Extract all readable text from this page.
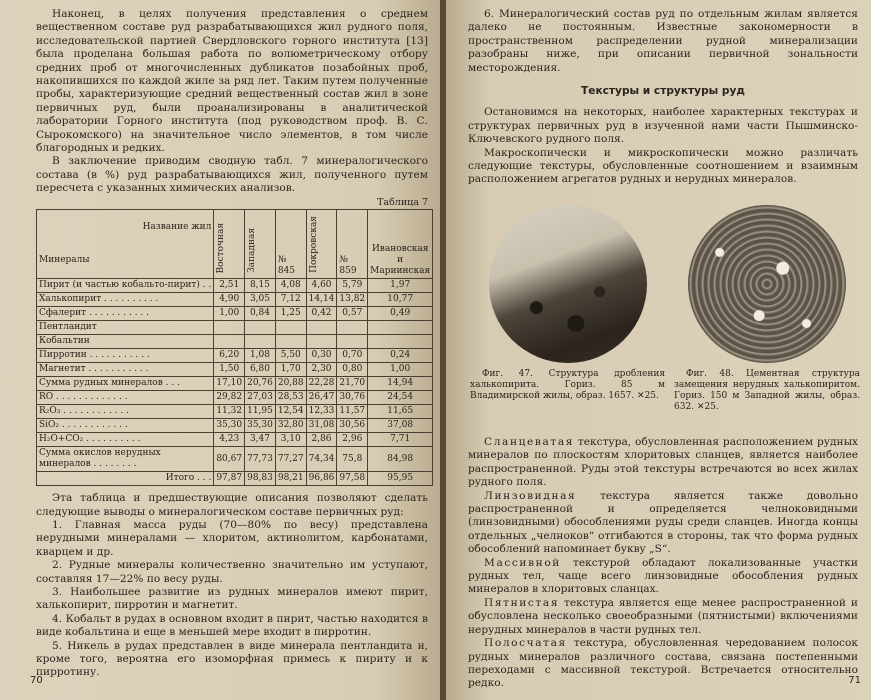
Наконец, в целях получения представления о среднем вещественном составе руд разрабатывающихся жил рудного поля, исследовательской партией Свердловского горного института [13] была проделана большая работа по волюметрическому отбору средних проб от многочисленных дубликатов позабойных проб, накопившихся по каждой жиле за ряд лет. Таким путем полученные пробы, характеризующие средний вещественный состав жил в зоне первичных руд, были проанализированы в аналитической лаборатории Горного института (под руководством проф. В. С. Сырокомского) на значительное число элементов, в том числе благородных и редких.

В заключение приводим сводную табл. 7 минералогического состава (в %) руд разрабатывающихся жил, полученного путем пересчета с указанных химических анализов.

Таблица 7

Название жил
Минералы	Восточная	Западная	№ 845	Покровская	№ 859	Ивановская и Мариинская
Пирит (и частью кобальто-пирит) . .	2,51	8,15	4,08	4,60	5,79	1,97
Халькопирит . . . . . . . . . .	4,90	3,05	7,12	14,14	13,82	10,77
Сфалерит . . . . . . . . . . .	1,00	0,84	1,25	0,42	0,57	0,49
Пентландит						
Кобальтин						
Пирротин . . . . . . . . . . .	6,20	1,08	5,50	0,30	0,70	0,24
Магнетит . . . . . . . . . . .	1,50	6,80	1,70	2,30	0,80	1,00
Сумма рудных минералов . . .	17,10	20,76	20,88	22,28	21,70	14,94
RO . . . . . . . . . . . . .	29,82	27,03	28,53	26,47	30,76	24,54
R₂O₃ . . . . . . . . . . . .	11,32	11,95	12,54	12,33	11,57	11,65
SiO₂ . . . . . . . . . . . .	35,30	35,30	32,80	31,08	30,56	37,08
H₂O+CO₂ . . . . . . . . . .	4,23	3,47	3,10	2,86	2,96	7,71
Сумма окислов нерудных минералов . . . . . . . .	80,67	77,73	77,27	74,34	75,8	84,98
Итого . . .	97,87	98,83	98,21	96,86	97,58	95,95

Эта таблица и предшествующие описания позволяют сделать следующие выводы о минералогическом составе первичных руд:

1. Главная масса руды (70—80% по весу) представлена нерудными минералами — хлоритом, актинолитом, карбонатами, кварцем и др.

2. Рудные минералы количественно значительно им уступают, составляя 17—22% по весу руды.

3. Наибольшее развитие из рудных минералов имеют пирит, халькопирит, пирротин и магнетит.

4. Кобальт в рудах в основном входит в пирит, частью находится в виде кобальтина и еще в меньшей мере входит в пирротин.

5. Никель в рудах представлен в виде минерала пентландита и, кроме того, вероятна его изоморфная примесь к пириту и к пирротину.

70

6. Минералогический состав руд по отдельным жилам является далеко не постоянным. Известные закономерности в пространственном распределении рудной минерализации разобраны ниже, при описании первичной зональности месторождения.

Текстуры и структуры руд

Остановимся на некоторых, наиболее характерных текстурах и структурах первичных руд в изученной нами части Пышминско-Ключевского рудного поля.

Макроскопически и микроскопически можно различать следующие текстуры, обусловленные соотношением и взаимным расположением агрегатов рудных и нерудных минералов.

Фиг. 47. Структура дробления халькопирита. Гориз. 85 м Владимирской жилы, образ. 1657. ✕25.

Фиг. 48. Цементная структура замещения нерудных халькопиритом. Гориз. 150 м Западной жилы, образ. 632. ✕25.

Сланцеватая текстура, обусловленная расположением рудных минералов по плоскостям хлоритовых сланцев, является наиболее распространенной. Руды этой текстуры встречаются во всех жилах рудного поля.

Линзовидная текстура является также довольно распространенной и определяется челноковидными (линзовидными) обособлениями руды среди сланцев. Иногда концы отдельных „челноков“ отгибаются в стороны, так что форма рудных обособлений напоминает букву „S“.

Массивной текстурой обладают локализованные участки рудных тел, чаще всего линзовидные обособления рудных минералов в хлоритовых сланцах.

Пятнистая текстура является еще менее распространенной и обусловлена несколько своеобразными (пятнистыми) включениями нерудных минералов в части рудных тел.

Полосчатая текстура, обусловленная чередованием полосок рудных минералов различного состава, связана постепенными переходами с массивной текстурой. Встречается относительно редко.	71
